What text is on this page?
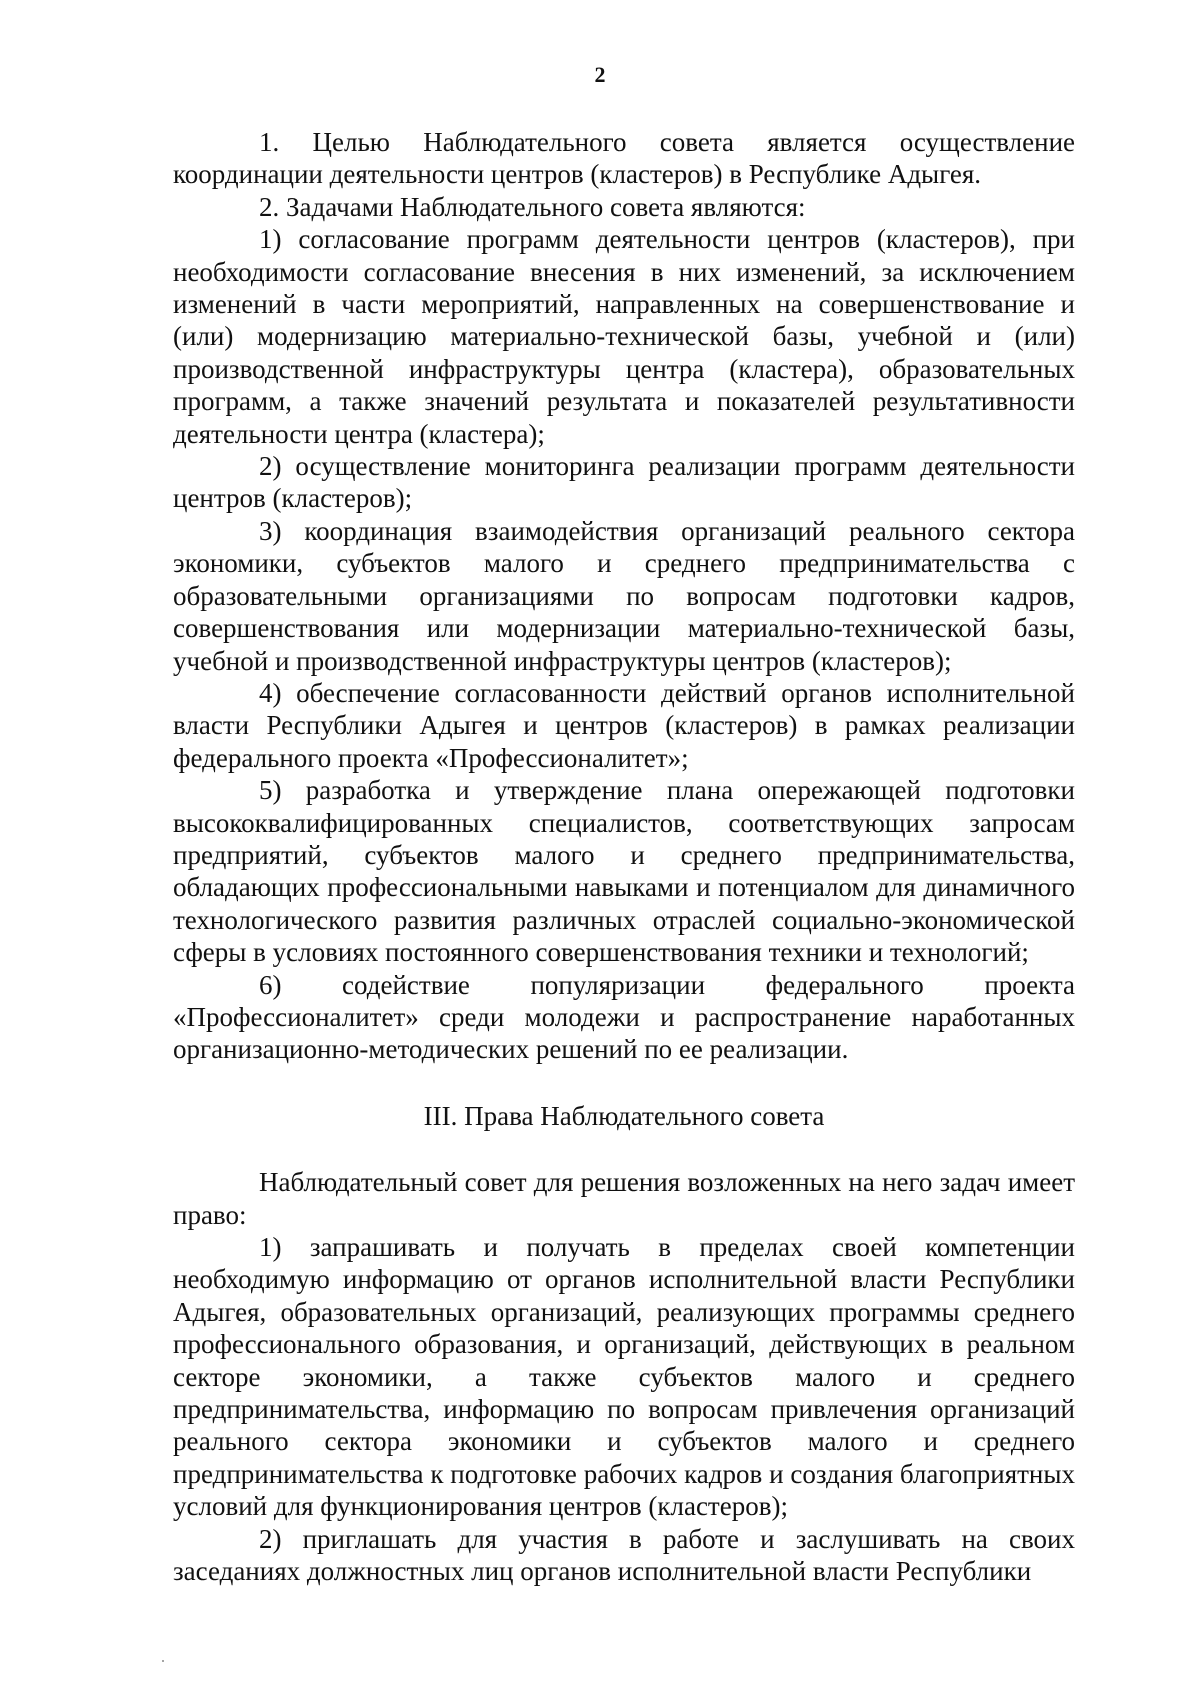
2

1. Целью Наблюдательного совета является осуществление координации деятельности центров (кластеров) в Республике Адыгея.

2. Задачами Наблюдательного совета являются:

1) согласование программ деятельности центров (кластеров), при необходимости согласование внесения в них изменений, за исключением изменений в части мероприятий, направленных на совершенствование и (или) модернизацию материально-технической базы, учебной и (или) производственной инфраструктуры центра (кластера), образовательных программ, а также значений результата и показателей результативности деятельности центра (кластера);

2) осуществление мониторинга реализации программ деятельности центров (кластеров);

3) координация взаимодействия организаций реального сектора экономики, субъектов малого и среднего предпринимательства с образовательными организациями по вопросам подготовки кадров, совершенствования или модернизации материально-технической базы, учебной и производственной инфраструктуры центров (кластеров);

4) обеспечение согласованности действий органов исполнительной власти Республики Адыгея и центров (кластеров) в рамках реализации федерального проекта «Профессионалитет»;

5) разработка и утверждение плана опережающей подготовки высококвалифицированных специалистов, соответствующих запросам предприятий, субъектов малого и среднего предпринимательства, обладающих профессиональными навыками и потенциалом для динамичного технологического развития различных отраслей социально-экономической сферы в условиях постоянного совершенствования техники и технологий;

6) содействие популяризации федерального проекта «Профессионалитет» среди молодежи и распространение наработанных организационно-методических решений по ее реализации.

III. Права Наблюдательного совета

Наблюдательный совет для решения возложенных на него задач имеет право:

1) запрашивать и получать в пределах своей компетенции необходимую информацию от органов исполнительной власти Республики Адыгея, образовательных организаций, реализующих программы среднего профессионального образования, и организаций, действующих в реальном секторе экономики, а также субъектов малого и среднего предпринимательства, информацию по вопросам привлечения организаций реального сектора экономики и субъектов малого и среднего предпринимательства к подготовке рабочих кадров и создания благоприятных условий для функционирования центров (кластеров);

2) приглашать для участия в работе и заслушивать на своих заседаниях должностных лиц органов исполнительной власти Республики
